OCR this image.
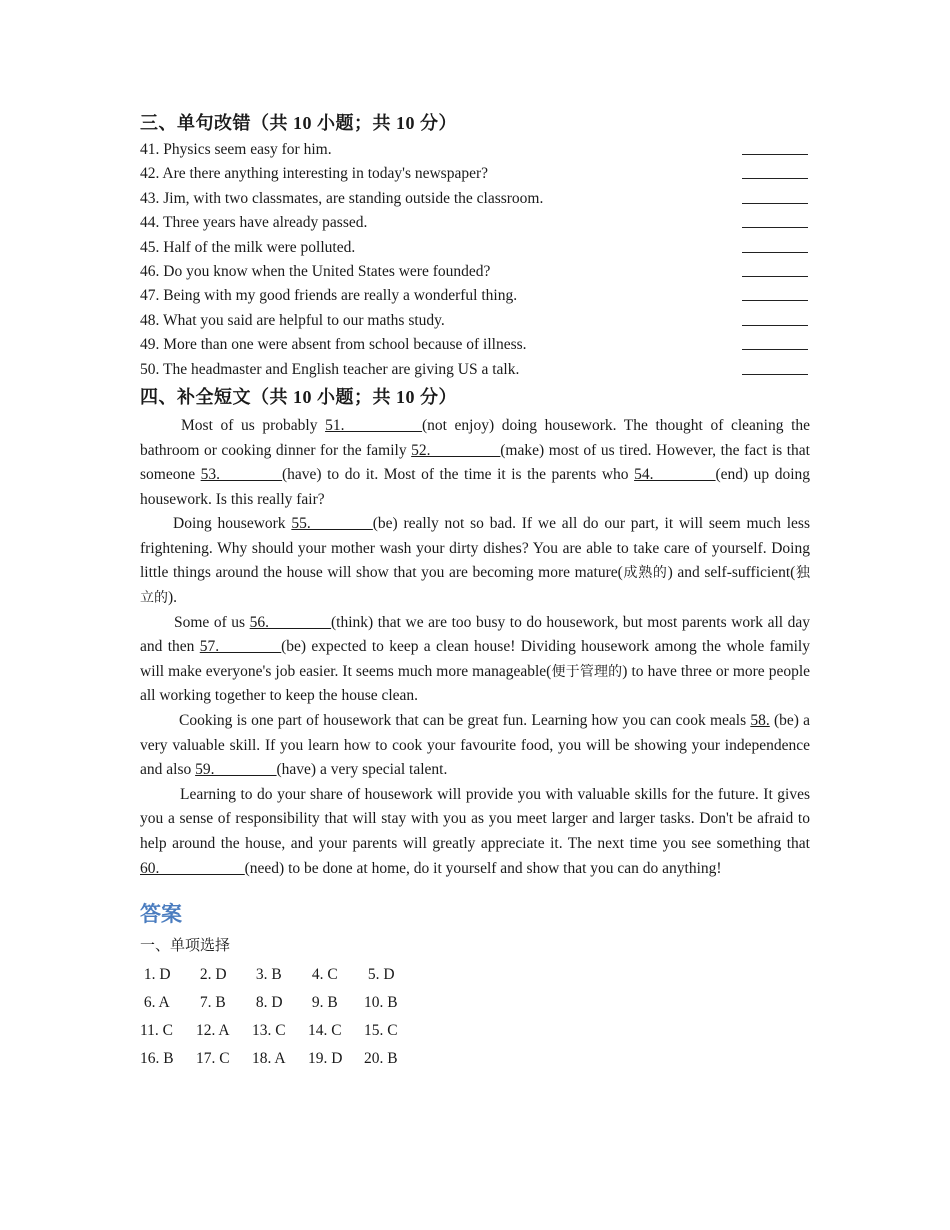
三、单句改错（共 10 小题；共 10 分）
41. Physics seem easy for him.
42. Are there anything interesting in today's newspaper?
43. Jim, with two classmates, are standing outside the classroom.
44. Three years have already passed.
45. Half of the milk were polluted.
46. Do you know when the United States were founded?
47. Being with my good friends are really a wonderful thing.
48. What you said are helpful to our maths study.
49. More than one were absent from school because of illness.
50. The headmaster and English teacher are giving US a talk.
四、补全短文（共 10 小题；共 10 分）

Most of us probably 51.__________(not enjoy) doing housework. The thought of cleaning the bathroom or cooking dinner for the family 52._________(make) most of us tired. However, the fact is that someone 53.________(have) to do it. Most of the time it is the parents who 54.________(end) up doing housework. Is this really fair?

Doing housework 55.________(be) really not so bad. If we all do our part, it will seem much less frightening. Why should your mother wash your dirty dishes? You are able to take care of yourself. Doing little things around the house will show that you are becoming more mature(成熟的) and self-sufficient(独立的).

Some of us 56.________(think) that we are too busy to do housework, but most parents work all day and then 57.________(be) expected to keep a clean house! Dividing housework among the whole family will make everyone's job easier. It seems much more manageable(便于管理的) to have three or more people all working together to keep the house clean.

Cooking is one part of housework that can be great fun. Learning how you can cook meals 58. (be) a very valuable skill. If you learn how to cook your favourite food, you will be showing your independence and also 59.________(have) a very special talent.

Learning to do your share of housework will provide you with valuable skills for the future. It gives you a sense of responsibility that will stay with you as you meet larger and larger tasks. Don't be afraid to help around the house, and your parents will greatly appreciate it. The next time you see something that 60.___________(need) to be done at home, do it yourself and show that you can do anything!

答案
一、单项选择
1. D	2. D	3. B	4. C	5. D
6. A	7. B	8. D	9. B	10. B
11. C	12. A	13. C	14. C	15. C
16. B	17. C	18. A	19. D	20. B
